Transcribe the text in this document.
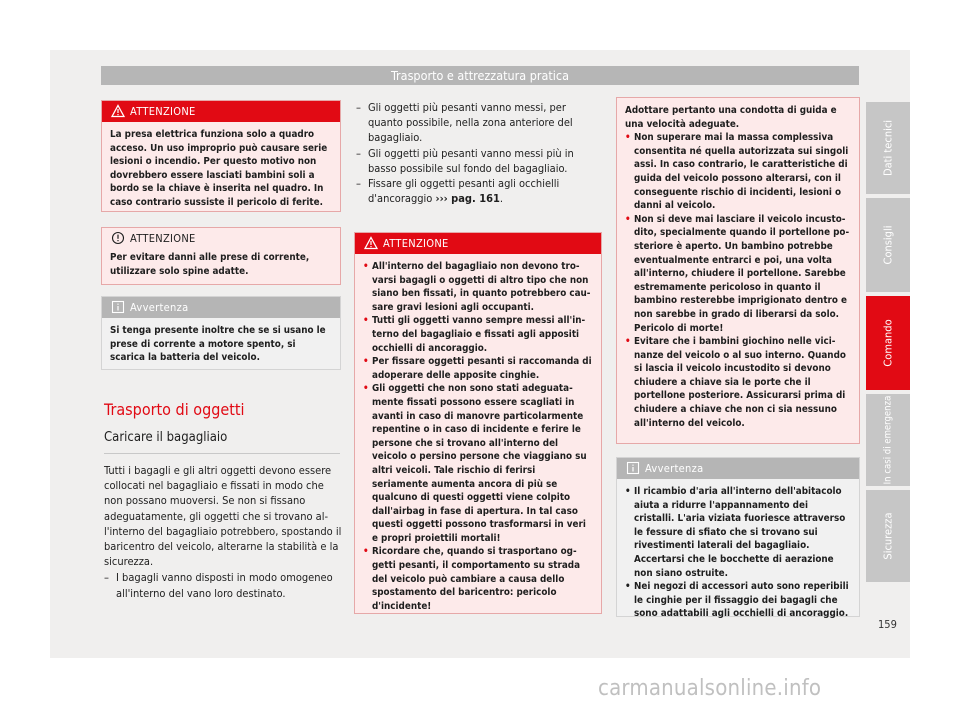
Trasporto e attrezzatura pratica
ATTENZIONE

La presa elettrica funziona solo a quadro acceso. Un uso improprio può causare serie lesioni o incendio. Per questo motivo non dovrebbero essere lasciati bambini soli a bordo se la chiave è inserita nel quadro. In caso contrario sussiste il pericolo di ferite.

ATTENZIONE

Per evitare danni alle prese di corrente, utilizzare solo spine adatte.

Avvertenza

Si tenga presente inoltre che se si usano le prese di corrente a motore spento, si scarica la batteria del veicolo.

Trasporto di oggetti
Caricare il bagagliaio

Tutti i bagagli e gli altri oggetti devono essere collocati nel bagagliaio e fissati in modo che non possano muoversi. Se non si fissano adeguatamente, gli oggetti che si trovano all'interno del bagagliaio potrebbero, spostando il baricentro del veicolo, alterarne la stabilità e la sicurezza.

– I bagagli vanno disposti in modo omogeneo all'interno del vano loro destinato.
– Gli oggetti più pesanti vanno messi, per quanto possibile, nella zona anteriore del bagagliaio.
– Gli oggetti più pesanti vanno messi più in basso possibile sul fondo del bagagliaio.
– Fissare gli oggetti pesanti agli occhielli d'ancoraggio ››› pag. 161.
ATTENZIONE
• All'interno del bagagliaio non devono trovarsi bagagli o oggetti di altro tipo che non siano ben fissati, in quanto potrebbero causare gravi lesioni agli occupanti.
• Tutti gli oggetti vanno sempre messi all'interno del bagagliaio e fissati agli appositi occhielli di ancoraggio.
• Per fissare oggetti pesanti si raccomanda di adoperare delle apposite cinghie.
• Gli oggetti che non sono stati adeguatamente fissati possono essere scagliati in avanti in caso di manovre particolarmente repentine o in caso di incidente e ferire le persone che si trovano all'interno del veicolo o persino persone che viaggiano su altri veicoli. Tale rischio di ferirsi seriamente aumenta ancora di più se qualcuno di questi oggetti viene colpito dall'airbag in fase di apertura. In tal caso questi oggetti possono trasformarsi in veri e propri proiettili mortali!
• Ricordare che, quando si trasportano oggetti pesanti, il comportamento su strada del veicolo può cambiare a causa dello spostamento del baricentro: pericolo d'incidente!

Adottare pertanto una condotta di guida e una velocità adeguate.

• Non superare mai la massa complessiva consentita né quella autorizzata sui singoli assi. In caso contrario, le caratteristiche di guida del veicolo possono alterarsi, con il conseguente rischio di incidenti, lesioni o danni al veicolo.
• Non si deve mai lasciare il veicolo incustodito, specialmente quando il portellone posteriore è aperto. Un bambino potrebbe eventualmente entrarci e poi, una volta all'interno, chiudere il portellone. Sarebbe estremamente pericoloso in quanto il bambino resterebbe imprigionato dentro e non sarebbe in grado di liberarsi da solo. Pericolo di morte!
• Evitare che i bambini giochino nelle vicinanze del veicolo o al suo interno. Quando si lascia il veicolo incustodito si devono chiudere a chiave sia le porte che il portellone posteriore. Assicurarsi prima di chiudere a chiave che non ci sia nessuno all'interno del veicolo.
Avvertenza
• Il ricambio d'aria all'interno dell'abitacolo aiuta a ridurre l'appannamento dei cristalli. L'aria viziata fuoriesce attraverso le fessure di sfiato che si trovano sui rivestimenti laterali del bagagliaio. Accertarsi che le bocchette di aerazione non siano ostruite.
• Nei negozi di accessori auto sono reperibili le cinghie per il fissaggio dei bagagli che sono adattabili agli occhielli di ancoraggio.
Dati tecnici
Consigli
Comando
In casi di emergenza
Sicurezza
159
carmanualsonline.info
